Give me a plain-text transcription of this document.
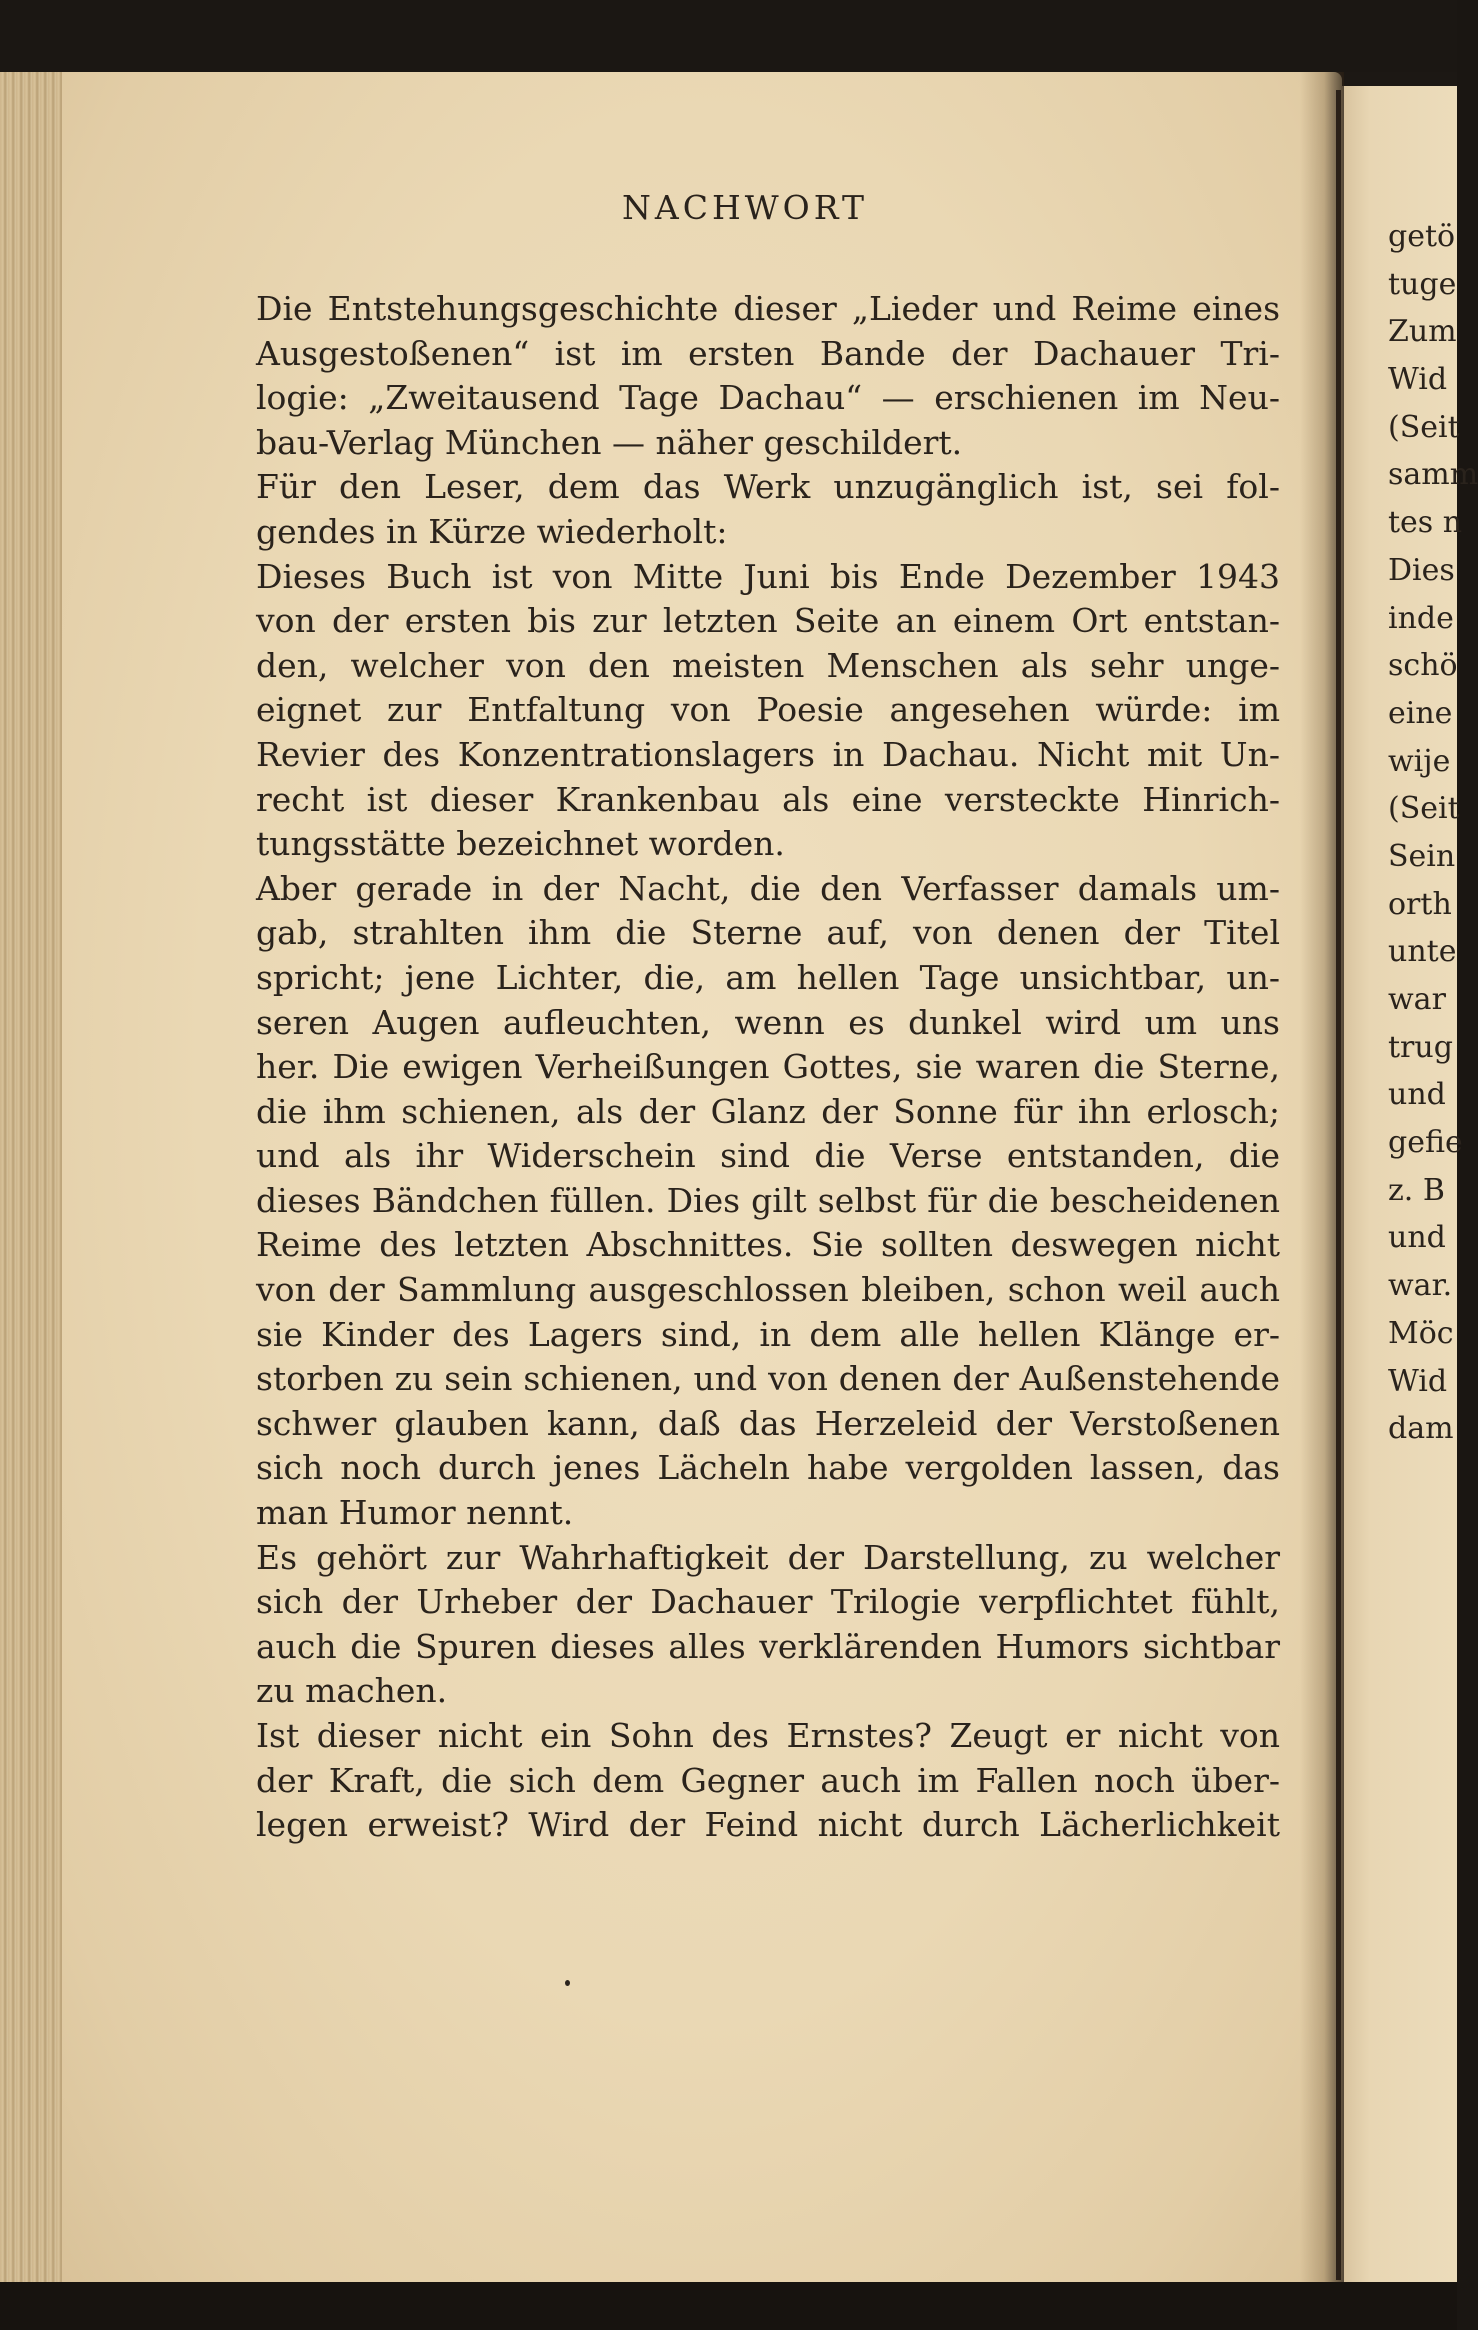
NACHWORT
Die Entstehungsgeschichte dieser „Lieder und Reime eines
Ausgestoßenen“ ist im ersten Bande der Dachauer Tri-
logie: „Zweitausend Tage Dachau“ — erschienen im Neu-
bau-Verlag München — näher geschildert.
Für den Leser, dem das Werk unzugänglich ist, sei fol-
gendes in Kürze wiederholt:
Dieses Buch ist von Mitte Juni bis Ende Dezember 1943
von der ersten bis zur letzten Seite an einem Ort entstan-
den, welcher von den meisten Menschen als sehr unge-
eignet zur Entfaltung von Poesie angesehen würde: im
Revier des Konzentrationslagers in Dachau. Nicht mit Un-
recht ist dieser Krankenbau als eine versteckte Hinrich-
tungsstätte bezeichnet worden.
Aber gerade in der Nacht, die den Verfasser damals um-
gab, strahlten ihm die Sterne auf, von denen der Titel
spricht; jene Lichter, die, am hellen Tage unsichtbar, un-
seren Augen aufleuchten, wenn es dunkel wird um uns
her. Die ewigen Verheißungen Gottes, sie waren die Sterne,
die ihm schienen, als der Glanz der Sonne für ihn erlosch;
und als ihr Widerschein sind die Verse entstanden, die
dieses Bändchen füllen. Dies gilt selbst für die bescheidenen
Reime des letzten Abschnittes. Sie sollten deswegen nicht
von der Sammlung ausgeschlossen bleiben, schon weil auch
sie Kinder des Lagers sind, in dem alle hellen Klänge er-
storben zu sein schienen, und von denen der Außenstehende
schwer glauben kann, daß das Herzeleid der Verstoßenen
sich noch durch jenes Lächeln habe vergolden lassen, das
man Humor nennt.
Es gehört zur Wahrhaftigkeit der Darstellung, zu welcher
sich der Urheber der Dachauer Trilogie verpflichtet fühlt,
auch die Spuren dieses alles verklärenden Humors sichtbar
zu machen.
Ist dieser nicht ein Sohn des Ernstes? Zeugt er nicht von
der Kraft, die sich dem Gegner auch im Fallen noch über-
legen erweist? Wird der Feind nicht durch Lächerlichkeit
getö
tuge
Zum
Wid
(Seit
samm
tes n
Dies
inde
schö
eine
wije
(Seit
Sein
orth
unte
war
trug
und
gefie
z. B
und
war.
Möc
Wid
dam
